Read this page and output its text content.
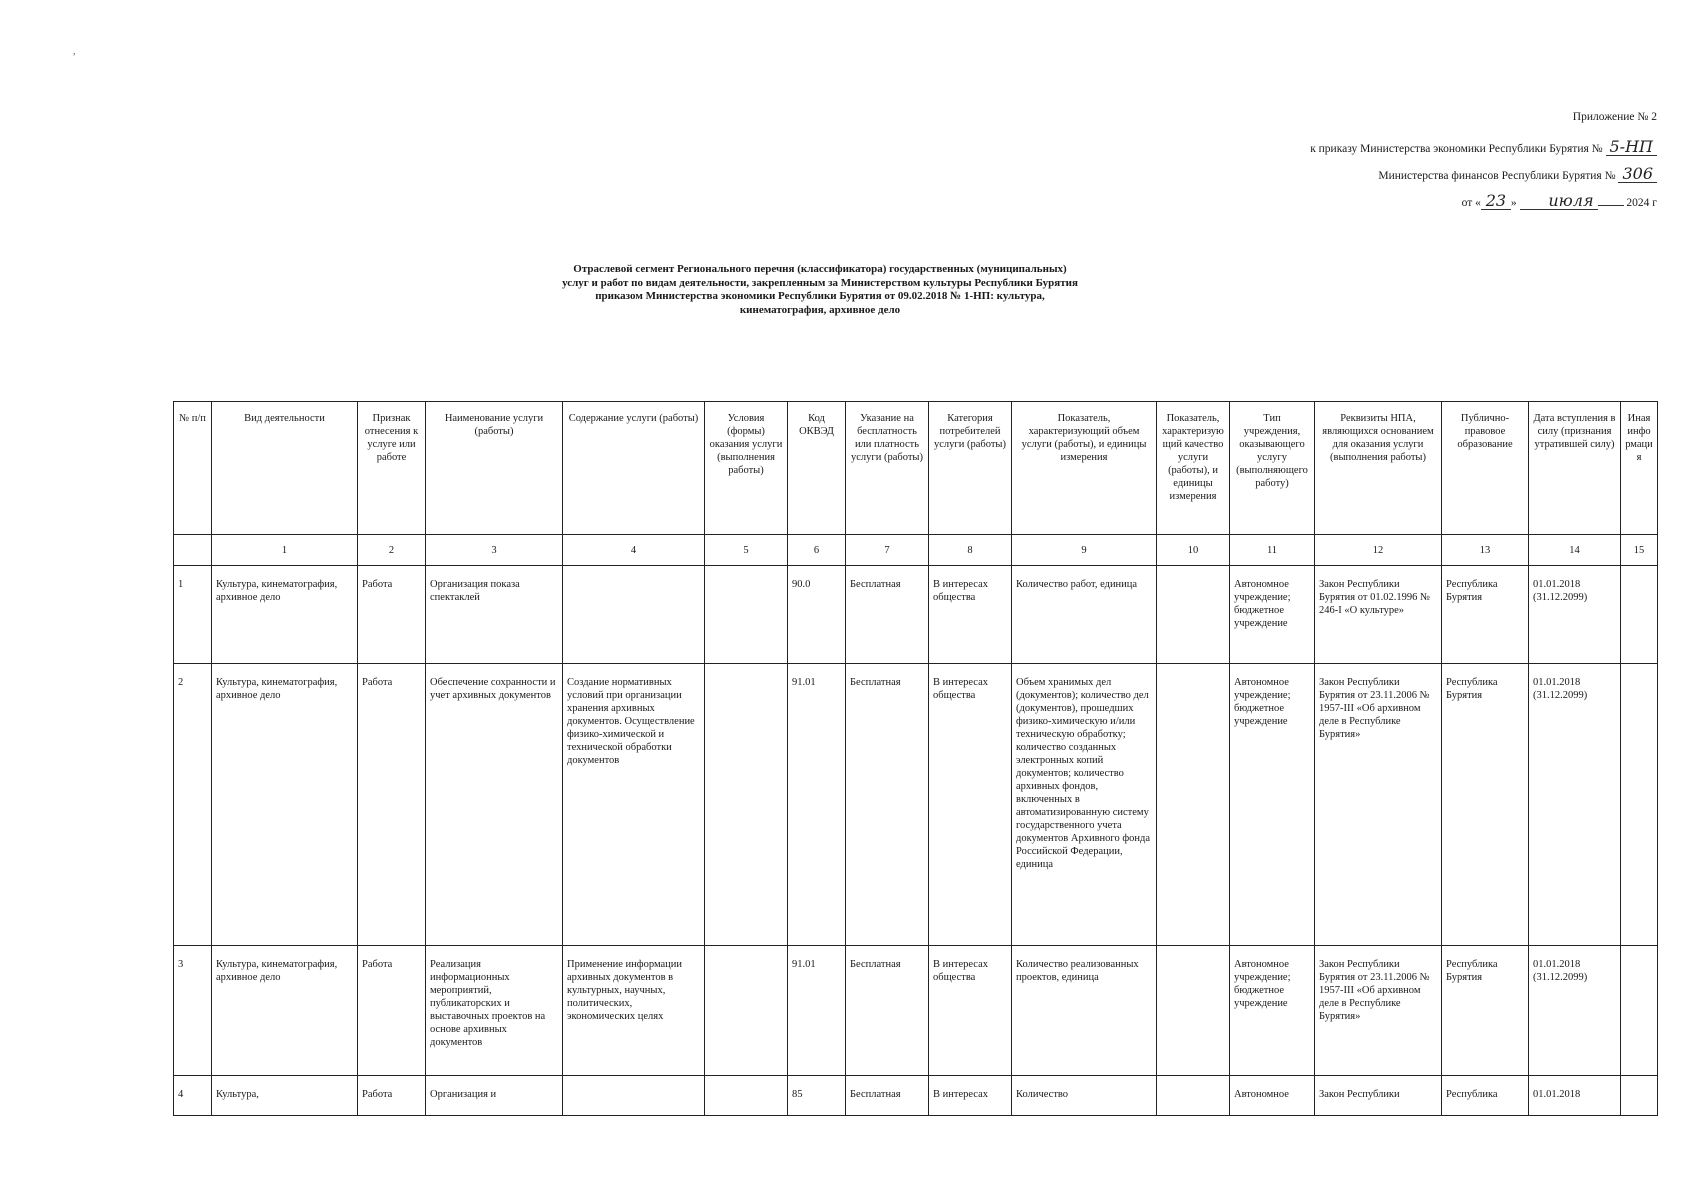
,
Приложение № 2
к приказу Министерства экономики Республики Бурятия № 5-НП
Министерства финансов Республики Бурятия № 306
от « 23 » июля	2024 г
Отраслевой сегмент Регионального перечня (классификатора) государственных (муниципальных) услуг и работ по видам деятельности, закрепленным за Министерством культуры Республики Бурятия приказом Министерства экономики Республики Бурятия от 09.02.2018 № 1-НП: культура, кинематография, архивное дело
№ п/п	Вид деятельности	Признак отнесения к услуге или работе	Наименование услуги (работы)	Содержание услуги (работы)	Условия (формы) оказания услуги (выполнения работы)	Код ОКВЭД	Указание на бесплатность или платность услуги (работы)	Категория потребителей услуги (работы)	Показатель, характеризующий объем услуги (работы), и единицы измерения	Показатель, характеризующий качество услуги (работы), и единицы измерения	Тип учреждения, оказывающего услугу (выполняющего работу)	Реквизиты НПА, являющихся основанием для оказания услуги (выполнения работы)	Публично-правовое образование	Дата вступления в силу (признания утратившей силу)	Иная информация
	1	2	3	4	5	6	7	8	9	10	11	12	13	14	15
1	Культура, кинематография, архивное дело	Работа	Организация показа спектаклей			90.0	Бесплатная	В интересах общества	Количество работ, единица		Автономное учреждение; бюджетное учреждение	Закон Республики Бурятия от 01.02.1996 № 246-I «О культуре»	Республика Бурятия	01.01.2018 (31.12.2099)	
2	Культура, кинематография, архивное дело	Работа	Обеспечение сохранности и учет архивных документов	Создание нормативных условий при организации хранения архивных документов. Осуществление физико-химической и технической обработки документов		91.01	Бесплатная	В интересах общества	Объем хранимых дел (документов); количество дел (документов), прошедших физико-химическую и/или техническую обработку; количество созданных электронных копий документов; количество архивных фондов, включенных в автоматизированную систему государственного учета документов Архивного фонда Российской Федерации, единица		Автономное учреждение; бюджетное учреждение	Закон Республики Бурятия от 23.11.2006 № 1957-III «Об архивном деле в Республике Бурятия»	Республика Бурятия	01.01.2018 (31.12.2099)	
3	Культура, кинематография, архивное дело	Работа	Реализация информационных мероприятий, публикаторских и выставочных проектов на основе архивных документов	Применение информации архивных документов в культурных, научных, политических, экономических целях		91.01	Бесплатная	В интересах общества	Количество реализованных проектов, единица		Автономное учреждение; бюджетное учреждение	Закон Республики Бурятия от 23.11.2006 № 1957-III «Об архивном деле в Республике Бурятия»	Республика Бурятия	01.01.2018 (31.12.2099)	
4	Культура,	Работа	Организация и			85	Бесплатная	В интересах	Количество		Автономное	Закон Республики	Республика	01.01.2018	
